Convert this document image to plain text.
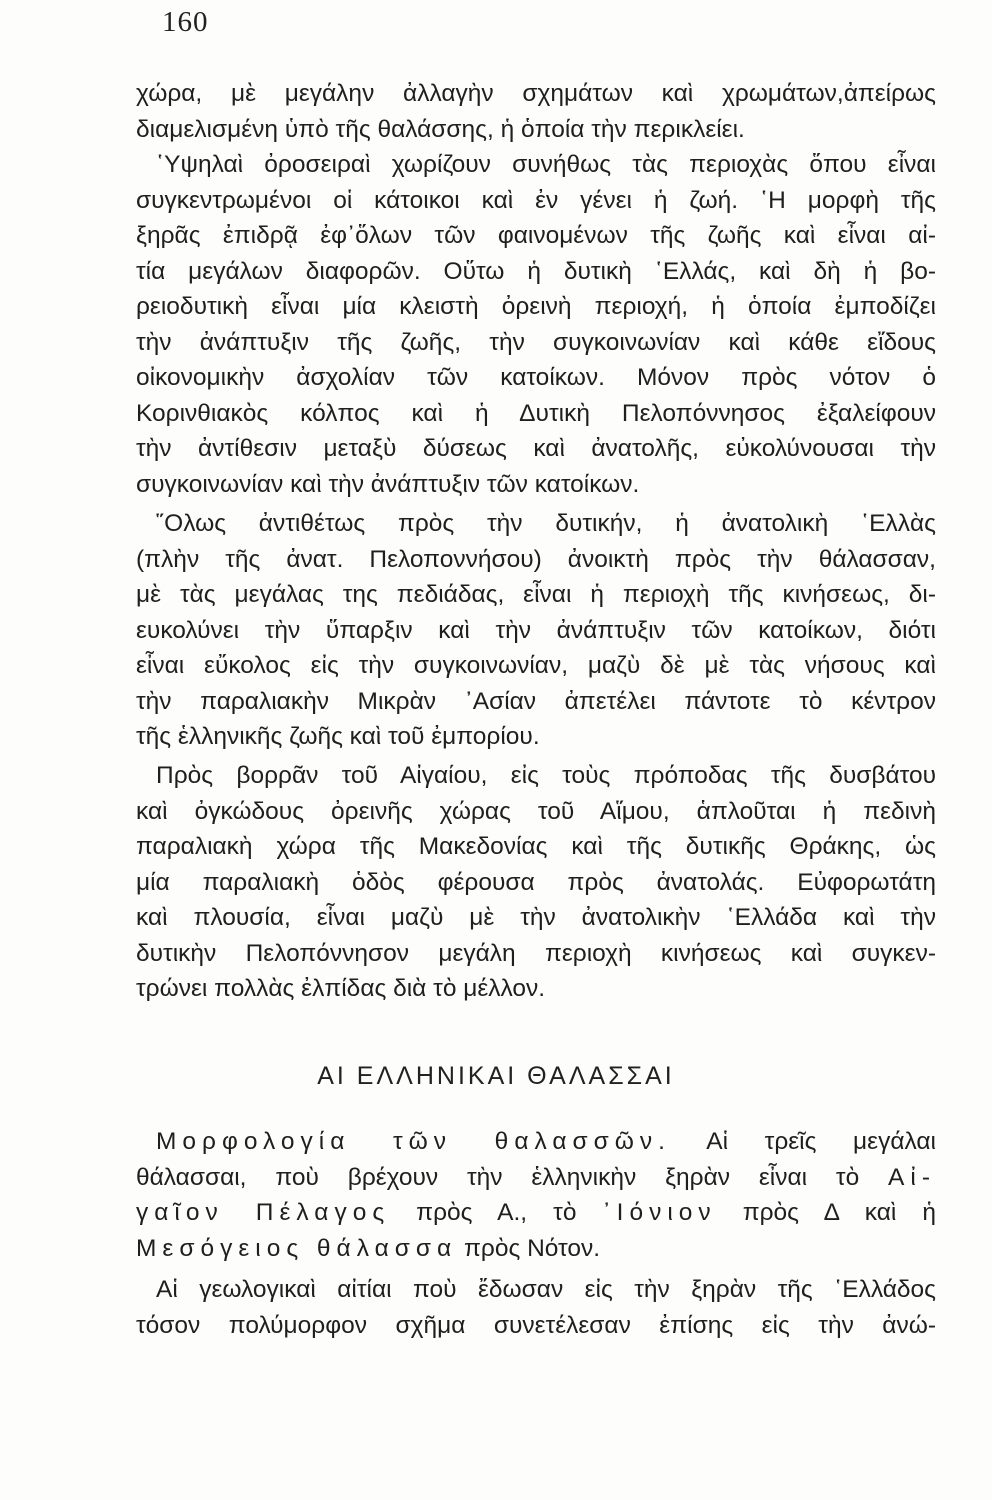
160
χώρα, μὲ μεγάλην ἀλλαγὴν σχημάτων καὶ χρωμάτων,ἀπείρως
διαμελισμένη ὑπὸ τῆς θαλάσσης, ἡ ὁποία τὴν περικλείει.
῾Υψηλαὶ ὀροσειραὶ χωρίζουν συνήθως τὰς περιοχὰς ὅπου εἶναι
συγκεντρωμένοι οἱ κάτοικοι καὶ ἐν γένει ἡ ζωή. ῾Η μορφὴ τῆς
ξηρᾶς ἐπιδρᾷ ἐφ᾽ὅλων τῶν φαινομένων τῆς ζωῆς καὶ εἶναι αἰ-
τία μεγάλων διαφορῶν. Οὕτω ἡ δυτικὴ ῾Ελλάς, καὶ δὴ ἡ βο-
ρειοδυτικὴ εἶναι μία κλειστὴ ὀρεινὴ περιοχή, ἡ ὁποία ἐμποδίζει
τὴν ἀνάπτυξιν τῆς ζωῆς, τὴν συγκοινωνίαν καὶ κάθε εἴδους
οἰκονομικὴν ἀσχολίαν τῶν κατοίκων. Μόνον πρὸς νότον ὁ
Κορινθιακὸς κόλπος καὶ ἡ Δυτικὴ Πελοπόννησος ἐξαλείφουν
τὴν ἀντίθεσιν μεταξὺ δύσεως καὶ ἀνατολῆς, εὐκολύνουσαι τὴν
συγκοινωνίαν καὶ τὴν ἀνάπτυξιν τῶν κατοίκων.
῞Ολως ἀντιθέτως πρὸς τὴν δυτικήν, ἡ ἀνατολικὴ ῾Ελλὰς
(πλὴν τῆς ἀνατ. Πελοποννήσου) ἀνοικτὴ πρὸς τὴν θάλασσαν,
μὲ τὰς μεγάλας της πεδιάδας, εἶναι ἡ περιοχὴ τῆς κινήσεως, δι-
ευκολύνει τὴν ὕπαρξιν καὶ τὴν ἀνάπτυξιν τῶν κατοίκων, διότι
εἶναι εὔκολος εἰς τὴν συγκοινωνίαν, μαζὺ δὲ μὲ τὰς νήσους καὶ
τὴν παραλιακὴν Μικρὰν ᾽Ασίαν ἀπετέλει πάντοτε τὸ κέντρον
τῆς ἑλληνικῆς ζωῆς καὶ τοῦ ἐμπορίου.
Πρὸς βορρᾶν τοῦ Αἰγαίου, εἰς τοὺς πρόποδας τῆς δυσβάτου
καὶ ὀγκώδους ὀρεινῆς χώρας τοῦ Αἵμου, ἁπλοῦται ἡ πεδινὴ
παραλιακὴ χώρα τῆς Μακεδονίας καὶ τῆς δυτικῆς Θράκης, ὡς
μία παραλιακὴ ὁδὸς φέρουσα πρὸς ἀνατολάς. Εὐφορωτάτη
καὶ πλουσία, εἶναι μαζὺ μὲ τὴν ἀνατολικὴν ῾Ελλάδα καὶ τὴν
δυτικὴν Πελοπόννησον μεγάλη περιοχὴ κινήσεως καὶ συγκεν-
τρώνει πολλὰς ἐλπίδας διὰ τὸ μέλλον.
ΑΙ ΕΛΛΗΝΙΚΑΙ ΘΑΛΑΣΣΑΙ
Μορφολογία τῶν θαλασσῶν. Αἱ τρεῖς μεγάλαι
θάλασσαι, ποὺ βρέχουν τὴν ἑλληνικὴν ξηρὰν εἶναι τὸ Αἰ-
γαῖον Πέλαγος πρὸς Α., τὸ ᾽Ιόνιον πρὸς Δ καὶ ἡ
Μεσόγειος θάλασσα πρὸς Νότον.
Αἱ γεωλογικαὶ αἰτίαι ποὺ ἔδωσαν εἰς τὴν ξηρὰν τῆς ῾Ελλάδος
τόσον πολύμορφον σχῆμα συνετέλεσαν ἐπίσης εἰς τὴν ἀνώ-
